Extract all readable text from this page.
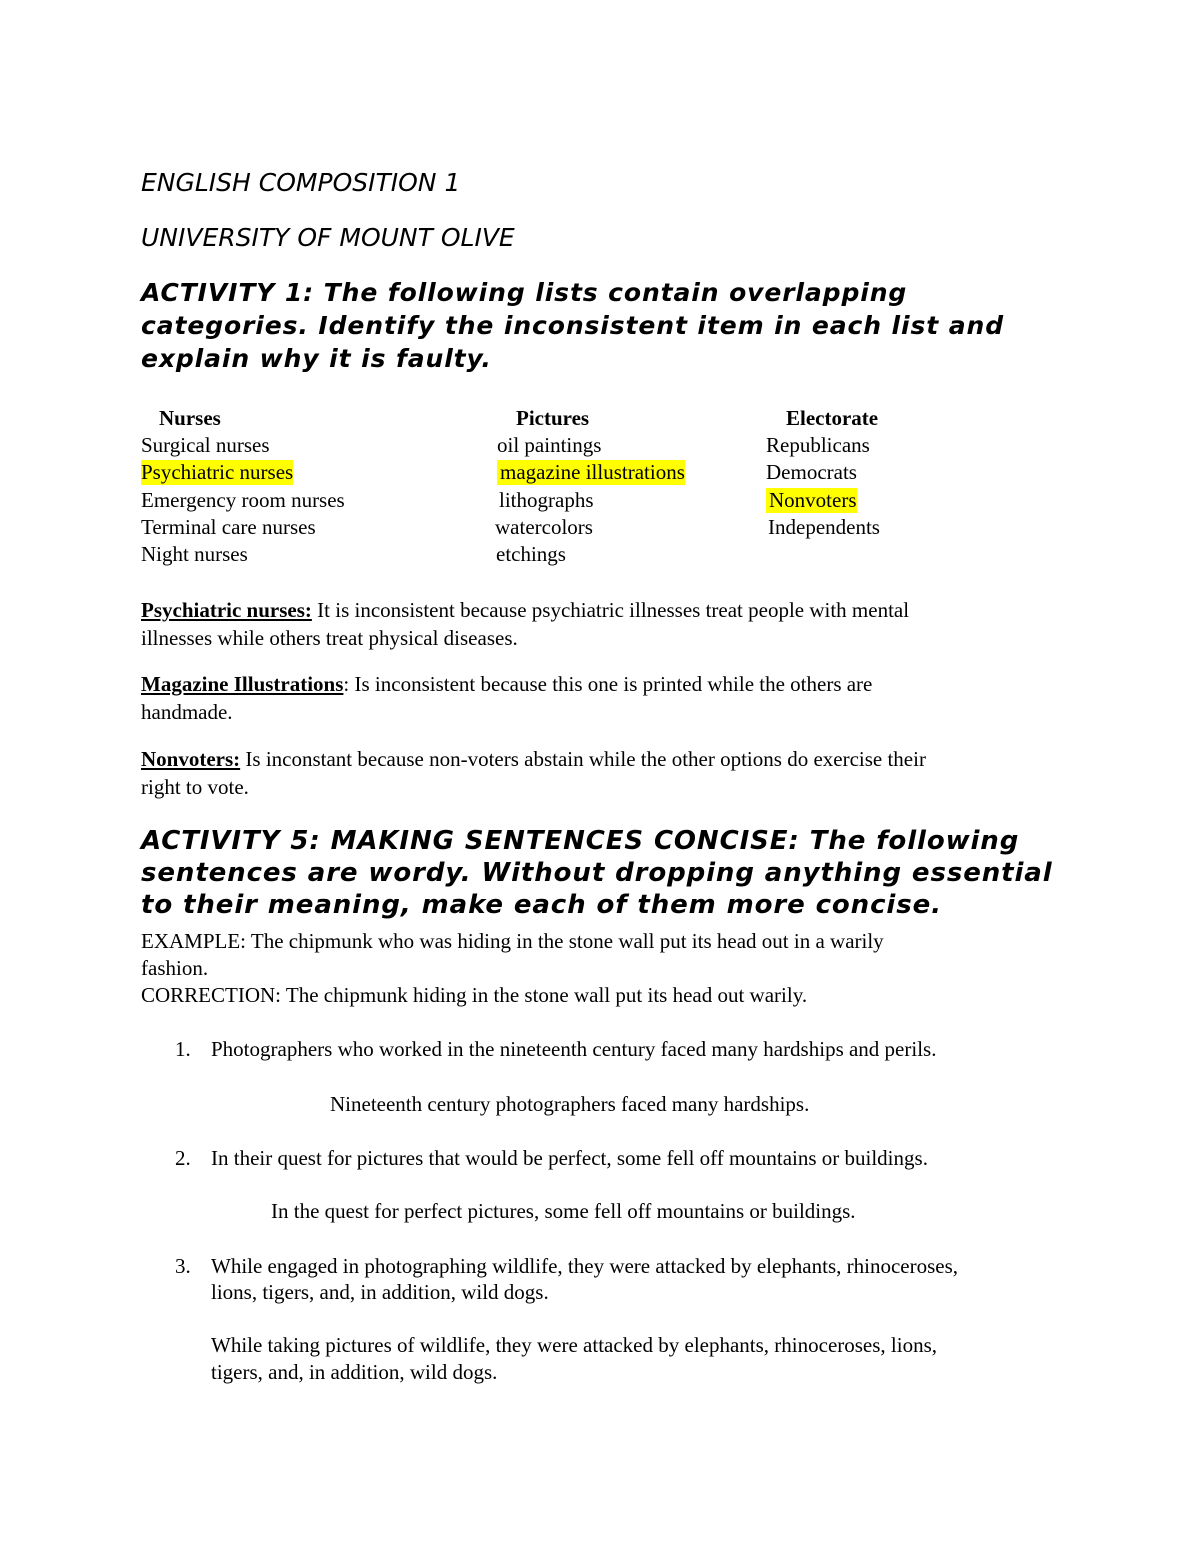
ENGLISH COMPOSITION 1
UNIVERSITY OF MOUNT OLIVE
ACTIVITY 1: The following lists contain overlapping
categories. Identify the inconsistent item in each list and
explain why it is faulty.
Nurses	Pictures	Electorate
Surgical nurses
Psychiatric nurses
Emergency room nurses
Terminal care nurses
Night nurses
oil paintings
magazine illustrations
lithographs
watercolors
etchings
Republicans
Democrats
Nonvoters
Independents
Psychiatric nurses: It is inconsistent because psychiatric illnesses treat people with mental
illnesses while others treat physical diseases.
Magazine Illustrations: Is inconsistent because this one is printed while the others are
handmade.
Nonvoters: Is inconstant because non-voters abstain while the other options do exercise their
right to vote.
ACTIVITY 5: MAKING SENTENCES CONCISE: The following
sentences are wordy. Without dropping anything essential
to their meaning, make each of them more concise.
EXAMPLE: The chipmunk who was hiding in the stone wall put its head out in a warily
fashion.
CORRECTION: The chipmunk hiding in the stone wall put its head out warily.
1. Photographers who worked in the nineteenth century faced many hardships and perils.
Nineteenth century photographers faced many hardships.
2. In their quest for pictures that would be perfect, some fell off mountains or buildings.
In the quest for perfect pictures, some fell off mountains or buildings.
3. While engaged in photographing wildlife, they were attacked by elephants, rhinoceroses,
lions, tigers, and, in addition, wild dogs.
While taking pictures of wildlife, they were attacked by elephants, rhinoceroses, lions,
tigers, and, in addition, wild dogs.
